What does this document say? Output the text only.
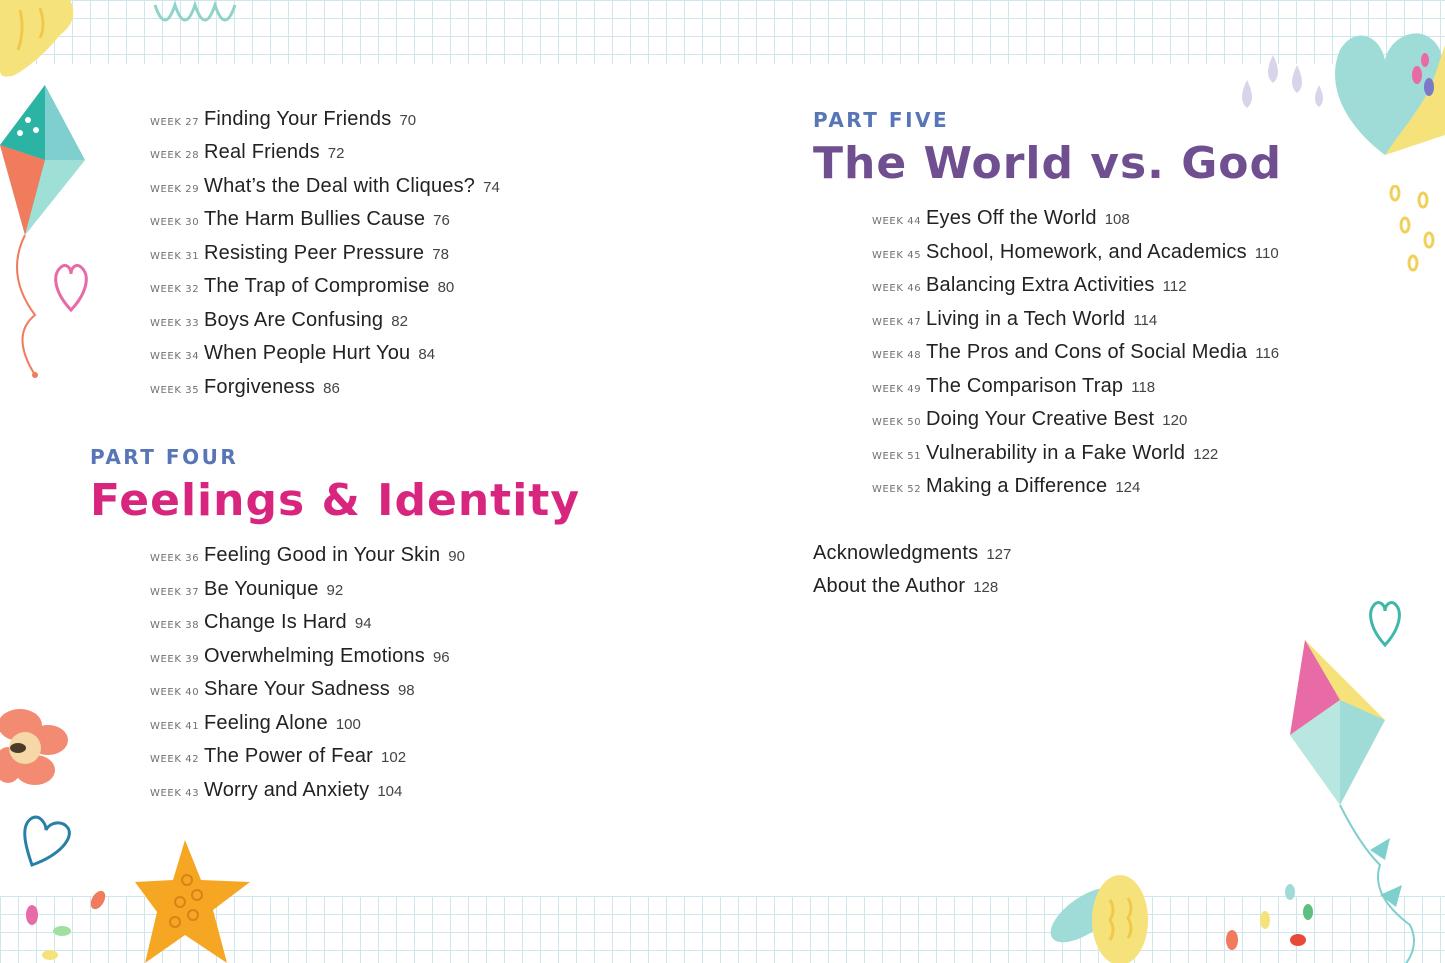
WEEK 27 Finding Your Friends 70
WEEK 28 Real Friends 72
WEEK 29 What’s the Deal with Cliques? 74
WEEK 30 The Harm Bullies Cause 76
WEEK 31 Resisting Peer Pressure 78
WEEK 32 The Trap of Compromise 80
WEEK 33 Boys Are Confusing 82
WEEK 34 When People Hurt You 84
WEEK 35 Forgiveness 86
PART FOUR
Feelings & Identity
WEEK 36 Feeling Good in Your Skin 90
WEEK 37 Be Younique 92
WEEK 38 Change Is Hard 94
WEEK 39 Overwhelming Emotions 96
WEEK 40 Share Your Sadness 98
WEEK 41 Feeling Alone 100
WEEK 42 The Power of Fear 102
WEEK 43 Worry and Anxiety 104
PART FIVE
The World vs. God
WEEK 44 Eyes Off the World 108
WEEK 45 School, Homework, and Academics 110
WEEK 46 Balancing Extra Activities 112
WEEK 47 Living in a Tech World 114
WEEK 48 The Pros and Cons of Social Media 116
WEEK 49 The Comparison Trap 118
WEEK 50 Doing Your Creative Best 120
WEEK 51 Vulnerability in a Fake World 122
WEEK 52 Making a Difference 124
Acknowledgments 127
About the Author 128
